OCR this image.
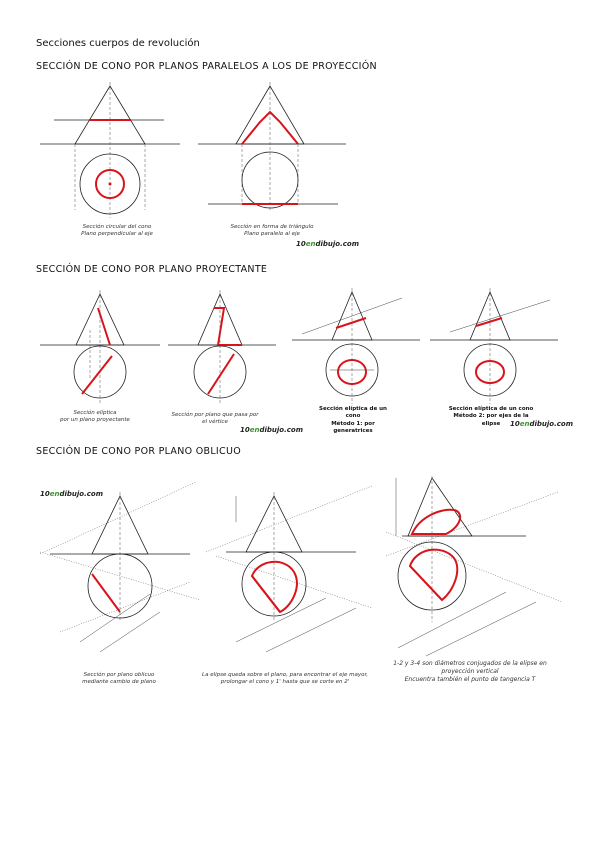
Secciones cuerpos de revolución
SECCIÓN DE CONO POR PLANOS PARALELOS A LOS DE PROYECCIÓN
SECCIÓN DE CONO POR PLANO PROYECTANTE
SECCIÓN DE CONO POR PLANO OBLICUO
Sección circular del cono
Plano perpendicular al eje
Sección en forma de triángulo
Plano paralelo al eje
10endibujo.com
Sección elíptica
por un plano proyectante
Sección por plano que pasa por el vértice
Sección elíptica de un cono
Método 1: por generatrices
Sección elíptica de un cono
Método 2: por ejes de la elipse
10endibujo.com
10endibujo.com
10endibujo.com
Sección por plano oblicuo
mediante cambio de plano
La elipse queda sobre el plano, para encontrar el eje mayor,
prolongar el cono y 1' hasta que se corte en 2'
1-2 y 3-4 son diámetros conjugados de la elipse en
proyección vertical
Encuentra también el punto de tangencia T
